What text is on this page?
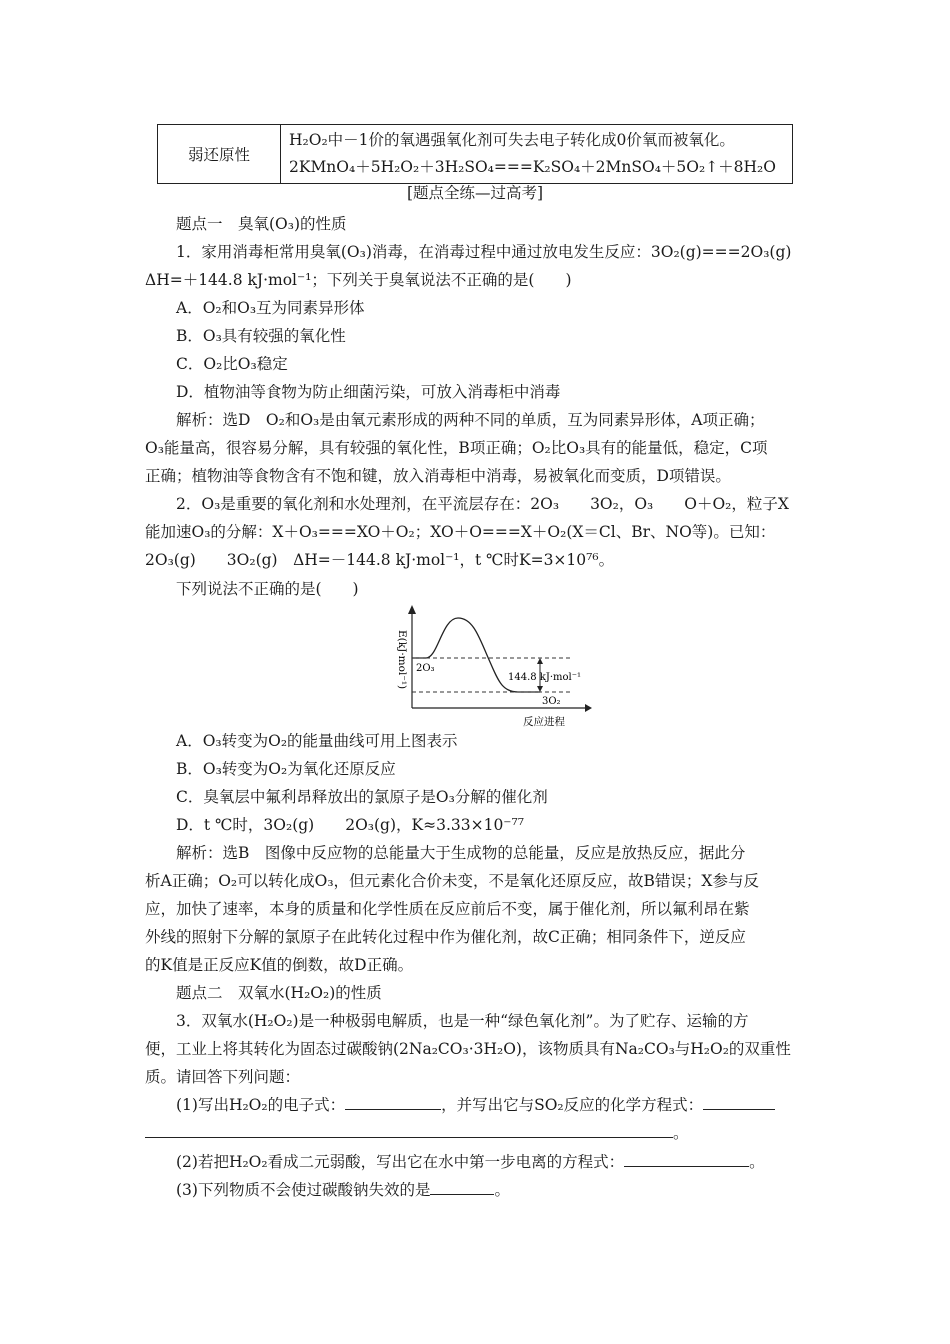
弱还原性	
H₂O₂中－1价的氧遇强氧化剂可失去电子转化成0价氧而被氧化。
2KMnO₄＋5H₂O₂＋3H₂SO₄===K₂SO₄＋2MnSO₄＋5O₂↑＋8H₂O
[题点全练—过高考]
题点一　臭氧(O₃)的性质
1．家用消毒柜常用臭氧(O₃)消毒，在消毒过程中通过放电发生反应：3O₂(g)===2O₃(g)
ΔH=＋144.8 kJ·mol⁻¹；下列关于臭氧说法不正确的是(　　)
A．O₂和O₃互为同素异形体
B．O₃具有较强的氧化性
C．O₂比O₃稳定
D．植物油等食物为防止细菌污染，可放入消毒柜中消毒
解析：选D　O₂和O₃是由氧元素形成的两种不同的单质，互为同素异形体，A项正确；
O₃能量高，很容易分解，具有较强的氧化性，B项正确；O₂比O₃具有的能量低，稳定，C项
正确；植物油等食物含有不饱和键，放入消毒柜中消毒，易被氧化而变质，D项错误。
2．O₃是重要的氧化剂和水处理剂，在平流层存在：2O₃　　3O₂，O₃　　O＋O₂，粒子X
能加速O₃的分解：X＋O₃===XO＋O₂；XO＋O===X＋O₂(X＝Cl、Br、NO等)。已知：
2O₃(g)　　3O₂(g)　ΔH=－144.8 kJ·mol⁻¹，t ℃时K=3×10⁷⁶。
下列说法不正确的是(　　)
E(kJ·mol⁻¹) 2O₃
144.8 kJ·mol⁻¹
3O₂
反应进程
A．O₃转变为O₂的能量曲线可用上图表示
B．O₃转变为O₂为氧化还原反应
C．臭氧层中氟利昂释放出的氯原子是O₃分解的催化剂
D．t ℃时，3O₂(g)　　2O₃(g)，K≈3.33×10⁻⁷⁷
解析：选B　图像中反应物的总能量大于生成物的总能量，反应是放热反应，据此分
析A正确；O₂可以转化成O₃，但元素化合价未变，不是氧化还原反应，故B错误；X参与反
应，加快了速率，本身的质量和化学性质在反应前后不变，属于催化剂，所以氟利昂在紫
外线的照射下分解的氯原子在此转化过程中作为催化剂，故C正确；相同条件下，逆反应
的K值是正反应K值的倒数，故D正确。
题点二　双氧水(H₂O₂)的性质
3．双氧水(H₂O₂)是一种极弱电解质，也是一种“绿色氧化剂”。为了贮存、运输的方
便，工业上将其转化为固态过碳酸钠(2Na₂CO₃·3H₂O)，该物质具有Na₂CO₃与H₂O₂的双重性
质。请回答下列问题：
(1)写出H₂O₂的电子式：	，并写出它与SO₂反应的化学方程式：
。
(2)若把H₂O₂看成二元弱酸，写出它在水中第一步电离的方程式：	。
(3)下列物质不会使过碳酸钠失效的是	。
